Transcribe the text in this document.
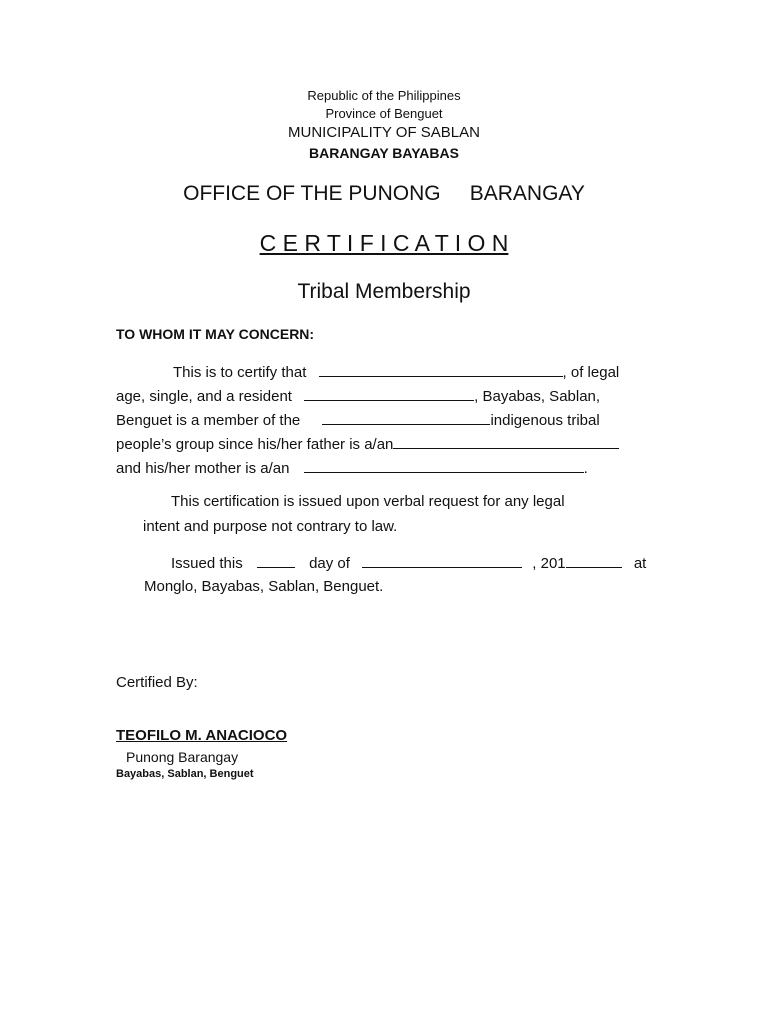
Republic of the Philippines
Province of Benguet
MUNICIPALITY OF SABLAN
BARANGAY BAYABAS
OFFICE OF THE PUNONG     BARANGAY
C E R T I F I C A T I O N
Tribal Membership
TO WHOM IT MAY CONCERN:
This is to certify that	, of legal
age, single, and a resident	, Bayabas, Sablan,
Benguet is a member of the	indigenous tribal
people’s group since his/her father is a/an
and his/her mother is a/an	.
This certification is issued upon verbal request for any legal
intent and purpose not contrary to law.
Issued this	day of	, 201	at
Monglo, Bayabas, Sablan, Benguet.
Certified By:
TEOFILO M. ANACIOCO
Punong Barangay
Bayabas, Sablan, Benguet
